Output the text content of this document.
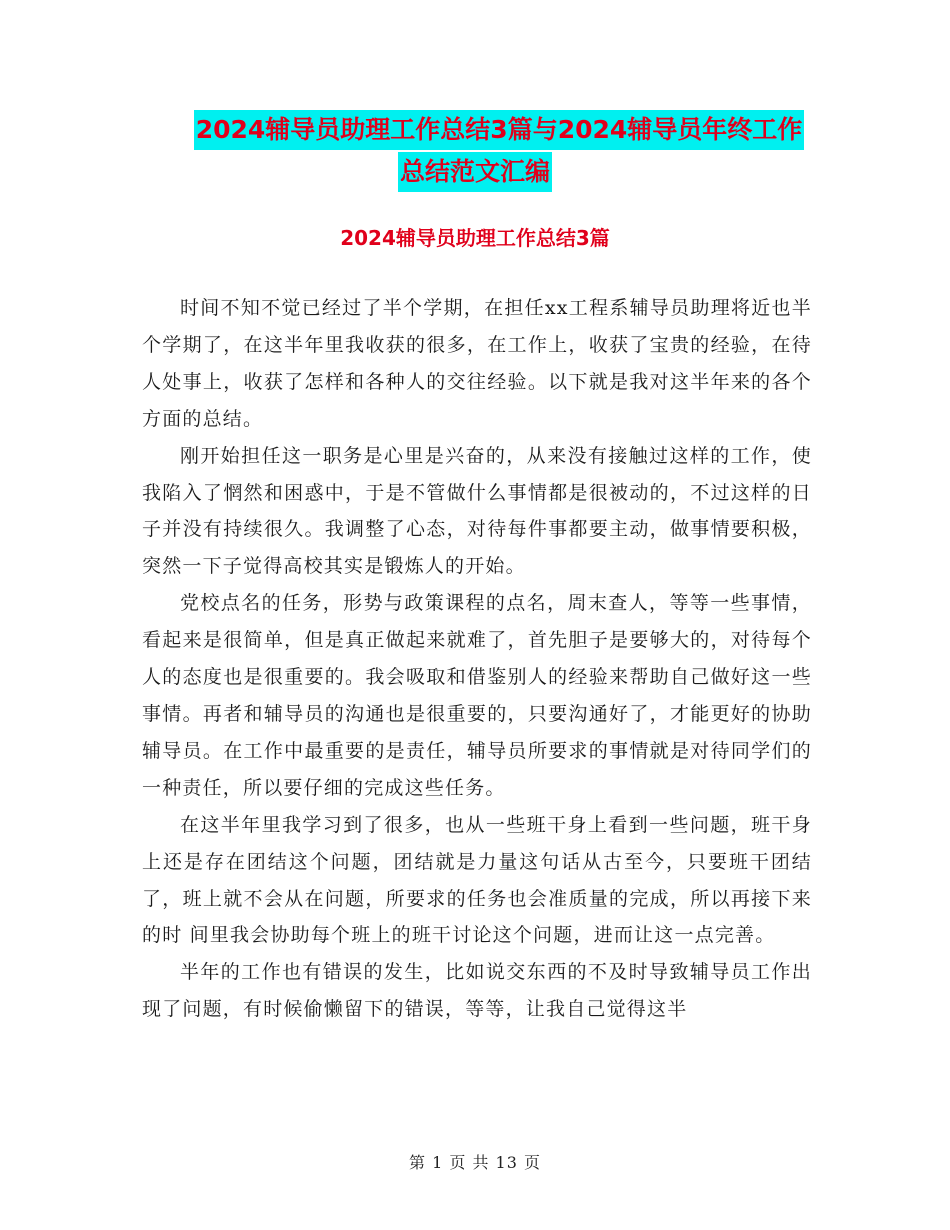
2024辅导员助理工作总结3篇与2024辅导员年终工作
总结范文汇编
2024辅导员助理工作总结3篇

时间不知不觉已经过了半个学期，在担任xx工程系辅导员助理将近也半个学期了，在这半年里我收获的很多，在工作上，收获了宝贵的经验，在待人处事上，收获了怎样和各种人的交往经验。以下就是我对这半年来的各个方面的总结。

刚开始担任这一职务是心里是兴奋的，从来没有接触过这样的工作，使我陷入了惘然和困惑中，于是不管做什么事情都是很被动的，不过这样的日子并没有持续很久。我调整了心态，对待每件事都要主动，做事情要积极，突然一下子觉得高校其实是锻炼人的开始。

党校点名的任务，形势与政策课程的点名，周末查人，等等一些事情，看起来是很简单，但是真正做起来就难了，首先胆子是要够大的，对待每个人的态度也是很重要的。我会吸取和借鉴别人的经验来帮助自己做好这一些事情。再者和辅导员的沟通也是很重要的，只要沟通好了，才能更好的协助辅导员。在工作中最重要的是责任，辅导员所要求的事情就是对待同学们的一种责任，所以要仔细的完成这些任务。

在这半年里我学习到了很多，也从一些班干身上看到一些问题，班干身上还是存在团结这个问题，团结就是力量这句话从古至今，只要班干团结了，班上就不会从在问题，所要求的任务也会准质量的完成，所以再接下来的时 间里我会协助每个班上的班干讨论这个问题，进而让这一点完善。

半年的工作也有错误的发生，比如说交东西的不及时导致辅导员工作出现了问题，有时候偷懒留下的错误，等等，让我自己觉得这半

第 1 页 共 13 页
